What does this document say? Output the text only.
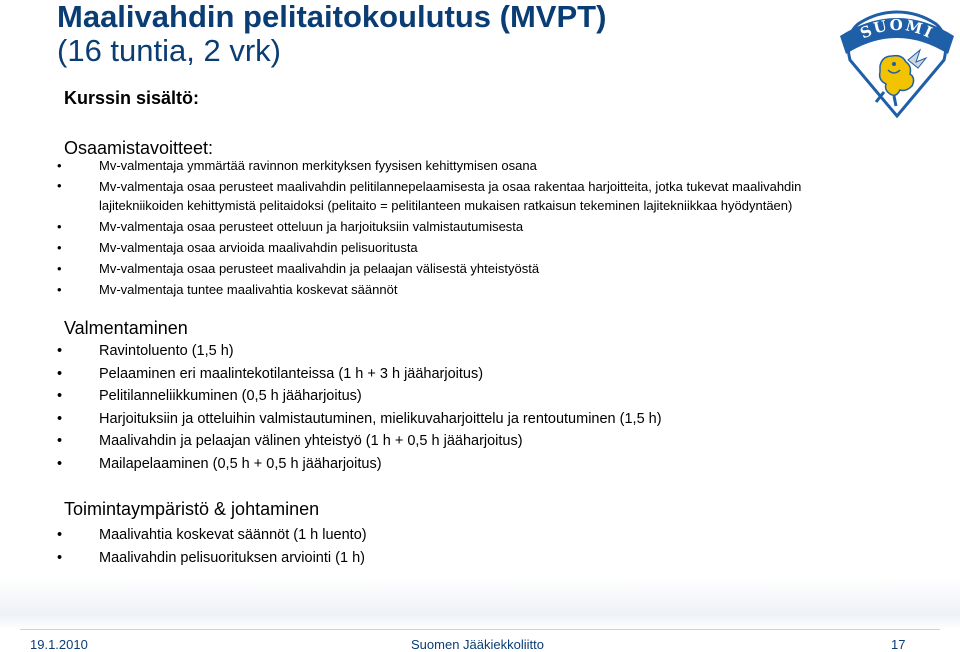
Maalivahdin pelitaitokoulutus (MVPT)
(16 tuntia, 2 vrk)
SUOMI
Kurssin sisältö:
Osaamistavoitteet:
•	Mv-valmentaja ymmärtää ravinnon merkityksen fyysisen kehittymisen osana
•	Mv-valmentaja osaa perusteet maalivahdin pelitilannepelaamisesta ja osaa rakentaa harjoitteita, jotka tukevat maalivahdin
lajitekniikoiden kehittymistä pelitaidoksi (pelitaito = pelitilanteen mukaisen ratkaisun tekeminen lajitekniikkaa hyödyntäen)
•	Mv-valmentaja osaa perusteet otteluun ja harjoituksiin valmistautumisesta
•	Mv-valmentaja osaa arvioida maalivahdin pelisuoritusta
•	Mv-valmentaja osaa perusteet maalivahdin ja pelaajan välisestä yhteistyöstä
•	Mv-valmentaja tuntee maalivahtia koskevat säännöt
Valmentaminen
•	Ravintoluento (1,5 h)
•	Pelaaminen eri maalintekotilanteissa (1 h + 3 h jääharjoitus)
•	Pelitilanneliikkuminen (0,5 h jääharjoitus)
•	Harjoituksiin ja otteluihin valmistautuminen, mielikuvaharjoittelu ja rentoutuminen (1,5 h)
•	Maalivahdin ja pelaajan välinen yhteistyö (1 h + 0,5 h jääharjoitus)
•	Mailapelaaminen (0,5 h + 0,5 h jääharjoitus)
Toimintaympäristö & johtaminen
•	Maalivahtia koskevat säännöt (1 h luento)
•	Maalivahdin pelisuorituksen arviointi (1 h)
19.1.2010	Suomen Jääkiekkoliitto	17
